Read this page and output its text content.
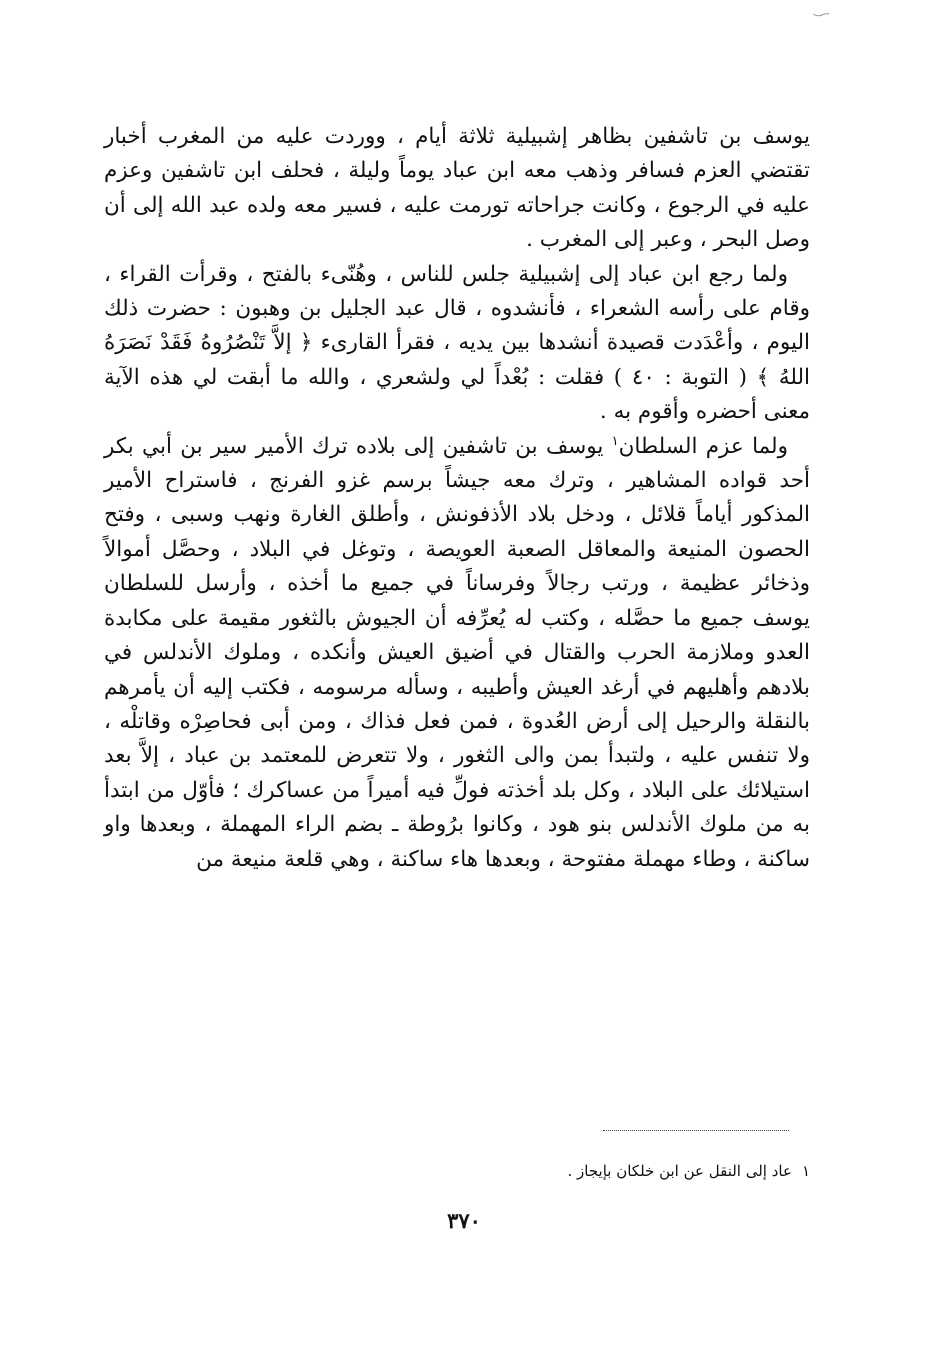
يوسف بن تاشفين بظاهر إشبيلية ثلاثة أيام ، ووردت عليه من المغرب أخبار تقتضي العزم فسافر وذهب معه ابن عباد يوماً وليلة ، فحلف ابن تاشفين وعزم عليه في الرجوع ، وكانت جراحاته تورمت عليه ، فسير معه ولده عبد الله إلى أن وصل البحر ، وعبر إلى المغرب .

ولما رجع ابن عباد إلى إشبيلية جلس للناس ، وهُنّىء بالفتح ، وقرأت القراء ، وقام على رأسه الشعراء ، فأنشدوه ، قال عبد الجليل بن وهبون : حضرت ذلك اليوم ، وأعْدَدت قصيدة أنشدها بين يديه ، فقرأ القارىء ﴿ إلاَّ تَنْصُرُوهُ فَقَدْ نَصَرَهُ اللهُ ﴾ ( التوبة : ٤٠ ) فقلت : بُعْداً لي ولشعري ، والله ما أبقت لي هذه الآية معنى أحضره وأقوم به .

ولما عزم السلطان$^١$ يوسف بن تاشفين إلى بلاده ترك الأمير سير بن أبي بكر أحد قواده المشاهير ، وترك معه جيشاً برسم غزو الفرنج ، فاستراح الأمير المذكور أياماً قلائل ، ودخل بلاد الأذفونش ، وأطلق الغارة ونهب وسبى ، وفتح الحصون المنيعة والمعاقل الصعبة العويصة ، وتوغل في البلاد ، وحصَّل أموالاً وذخائر عظيمة ، ورتب رجالاً وفرساناً في جميع ما أخذه ، وأرسل للسلطان يوسف جميع ما حصَّله ، وكتب له يُعرِّفه أن الجيوش بالثغور مقيمة على مكابدة العدو وملازمة الحرب والقتال في أضيق العيش وأنكده ، وملوك الأندلس في بلادهم وأهليهم في أرغد العيش وأطيبه ، وسأله مرسومه ، فكتب إليه أن يأمرهم بالنقلة والرحيل إلى أرض العُدوة ، فمن فعل فذاك ، ومن أبى فحاصِرْه وقاتلْه ، ولا تنفس عليه ، ولتبدأ بمن والى الثغور ، ولا تتعرض للمعتمد بن عباد ، إلاَّ بعد استيلائك على البلاد ، وكل بلد أخذته فولِّ فيه أميراً من عساكرك ؛ فأوّل من ابتدأ به من ملوك الأندلس بنو هود ، وكانوا برُوطة ـ بضم الراء المهملة ، وبعدها واو ساكنة ، وطاء مهملة مفتوحة ، وبعدها هاء ساكنة ، وهي قلعة منيعة من

١عاد إلى النقل عن ابن خلكان بإيجاز .
٣٧٠
